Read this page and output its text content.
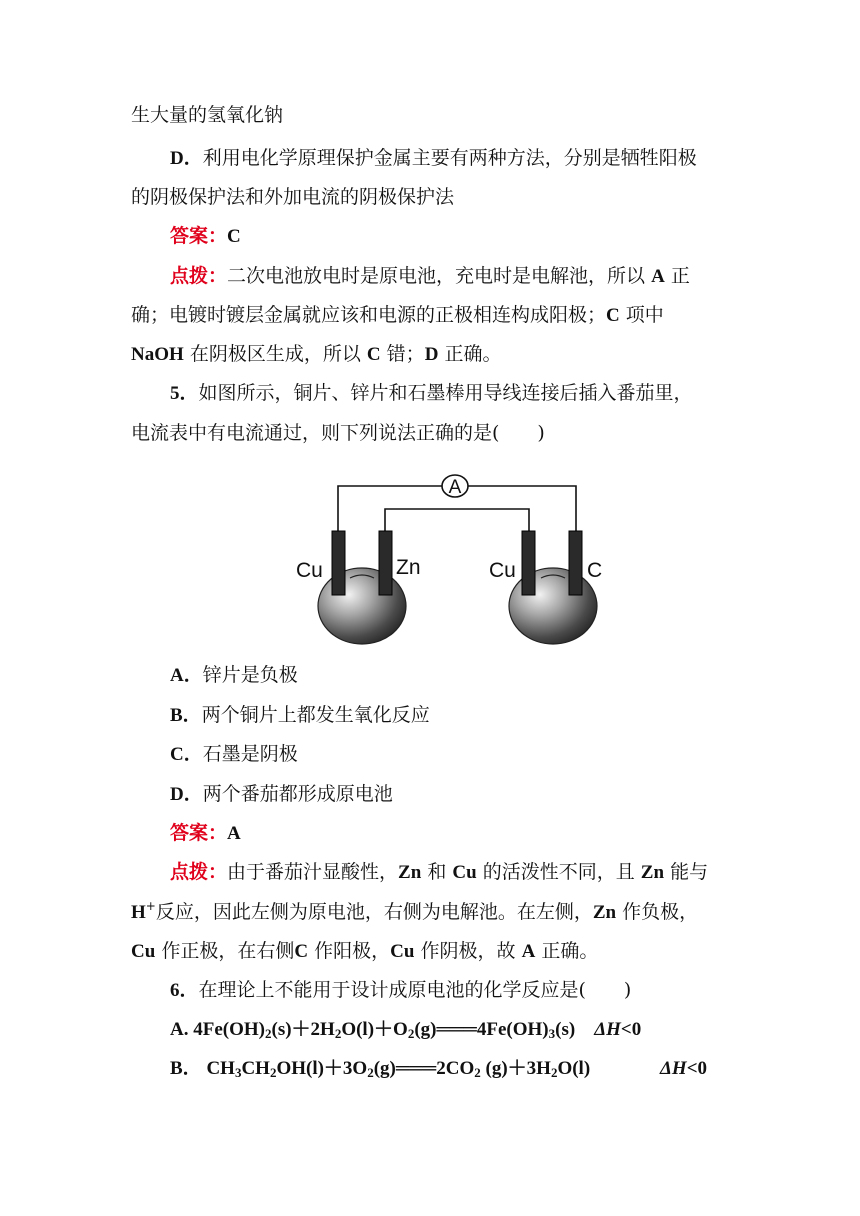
生大量的氢氧化钠
D．利用电化学原理保护金属主要有两种方法，分别是牺牲阳极
的阴极保护法和外加电流的阴极保护法
答案：C
点拨：二次电池放电时是原电池，充电时是电解池，所以 A 正
确；电镀时镀层金属就应该和电源的正极相连构成阳极；C 项中
NaOH 在阴极区生成，所以 C 错；D 正确。
5．如图所示，铜片、锌片和石墨棒用导线连接后插入番茄里，
电流表中有电流通过，则下列说法正确的是(　　)
A
Cu	Zn	Cu	C
A．锌片是负极
B．两个铜片上都发生氧化反应
C．石墨是阴极
D．两个番茄都形成原电池
答案：A
点拨：由于番茄汁显酸性，Zn 和 Cu 的活泼性不同，且 Zn 能与
H+反应，因此左侧为原电池，右侧为电解池。在左侧，Zn 作负极，
Cu 作正极，在右侧C 作阳极，Cu 作阴极，故 A 正确。
6．在理论上不能用于设计成原电池的化学反应是(　　)
A. $4Fe(OH)_2(s)+2H_2O(l)+O_2(g)═══4Fe(OH)_3(s)$    ΔH<0
B． $CH_3CH_2OH(l)+3O_2(g)═══2CO_2$ $(g)+3H_2O(l)$	ΔH<0
